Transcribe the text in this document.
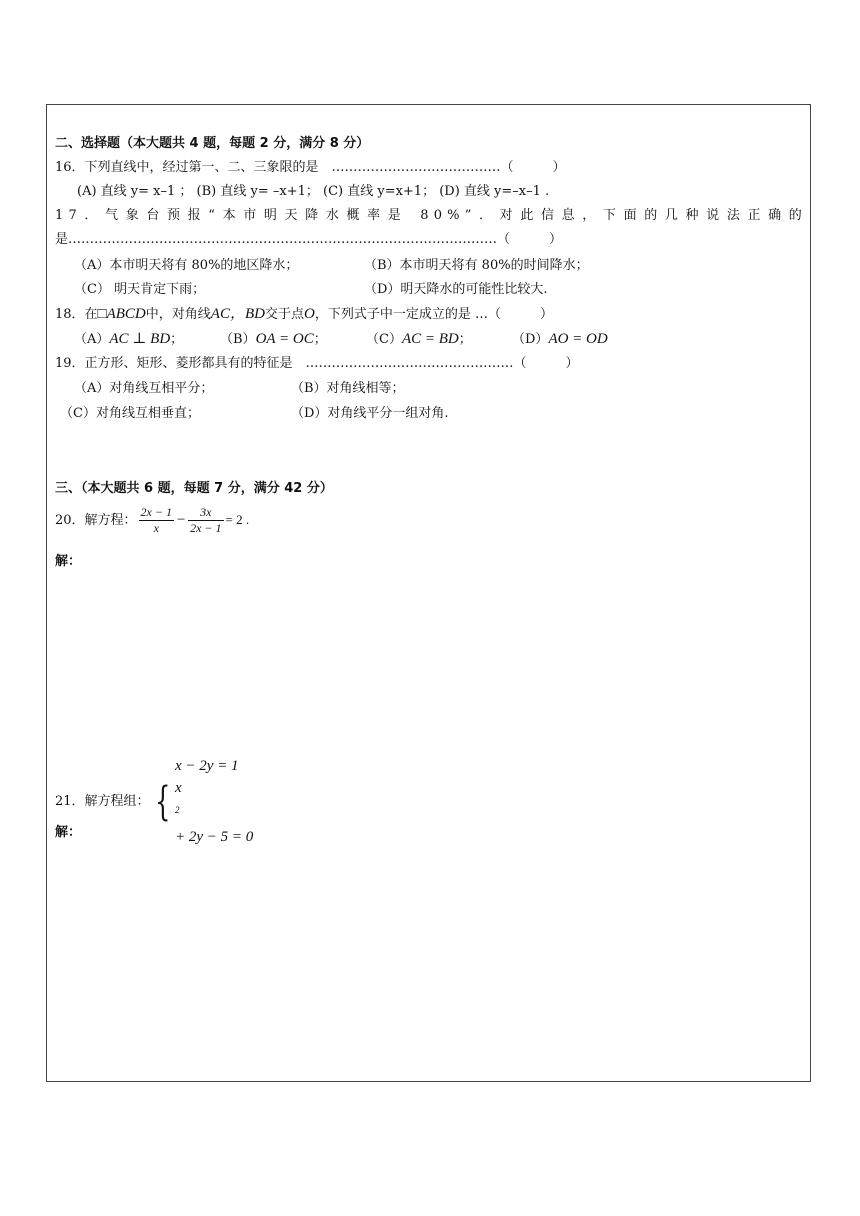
二、选择题（本大题共 4 题，每题 2 分，满分 8 分）
16．下列直线中，经过第一、二、三象限的是　…………………………………（　　　）
(A) 直线 y= x–1 ； (B) 直线 y= –x+1； (C) 直线 y=x+1； (D) 直线 y=–x–1 .
17．气象台预报“本市明天降水概率是 80%”．对此信息，下面的几种说法正确的
是………………………………………………………………………………………（　　　）
（A）本市明天将有 80%的地区降水；	（B）本市明天将有 80%的时间降水；
（C） 明天肯定下雨；	（D）明天降水的可能性比较大.
18．在□ABCD中，对角线AC，BD交于点O，下列式子中一定成立的是 …（　　　）
（A）AC ⊥ BD；	（B）OA = OC；	（C）AC = BD；	（D）AO = OD
19．正方形、矩形、菱形都具有的特征是　…………………………………………（　　　）
（A）对角线互相平分；	（B）对角线相等；
（C）对角线互相垂直；	（D）对角线平分一组对角.
三、（本大题共 6 题，每题 7 分，满分 42 分）
20．解方程： $\frac{2x - 1}{x} - \frac{3x}{2x - 1} = 2$ .
解：
21．解方程组： {
x − 2y = 1
x
$^2$
+ 2y − 5 = 0
解：
